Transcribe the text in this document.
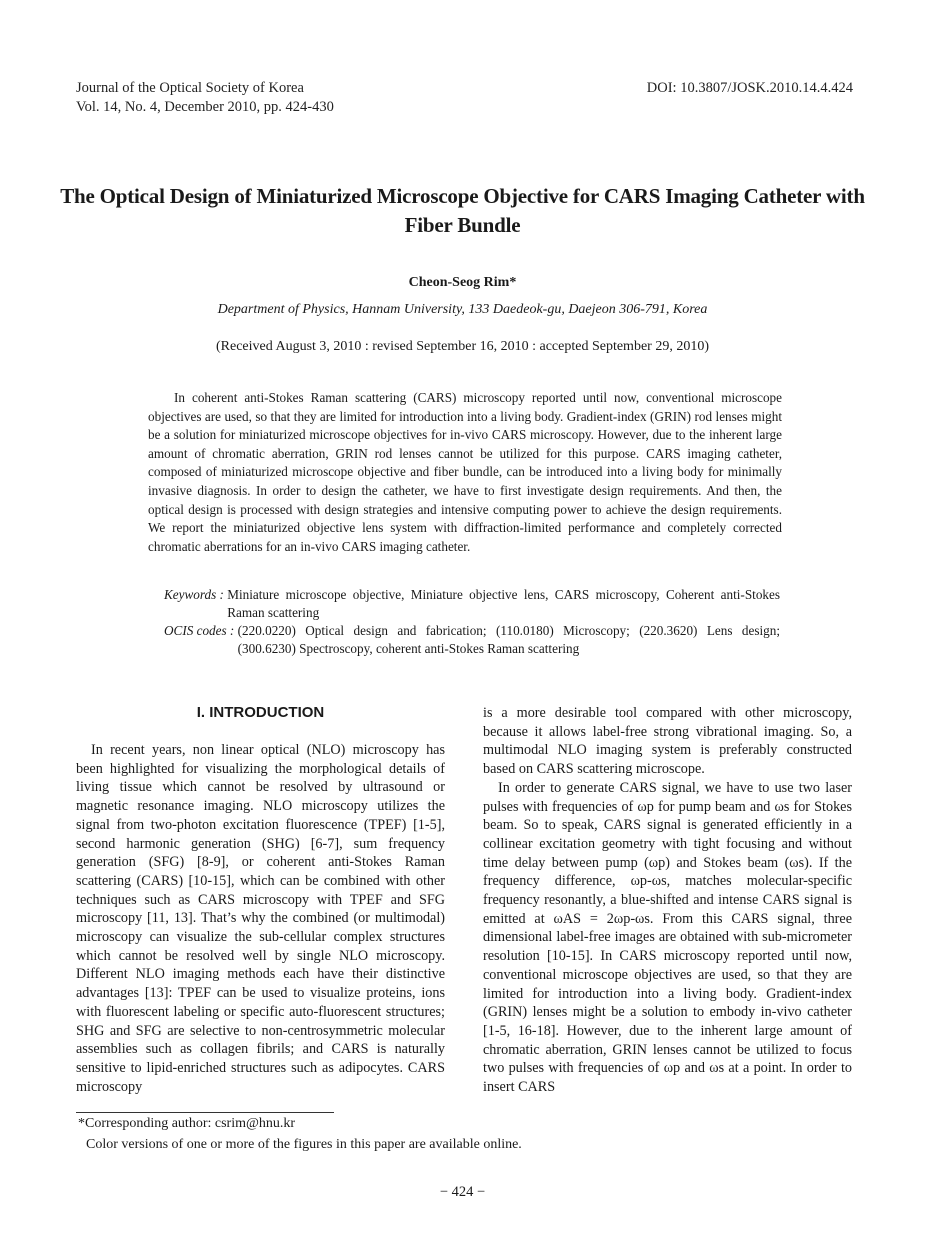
Journal of the Optical Society of Korea
Vol. 14, No. 4, December 2010, pp. 424-430
DOI: 10.3807/JOSK.2010.14.4.424
The Optical Design of Miniaturized Microscope Objective for CARS Imaging Catheter with Fiber Bundle
Cheon-Seog Rim*
Department of Physics, Hannam University, 133 Daedeok-gu, Daejeon 306-791, Korea
(Received August 3, 2010 : revised September 16, 2010 : accepted September 29, 2010)
In coherent anti-Stokes Raman scattering (CARS) microscopy reported until now, conventional microscope objectives are used, so that they are limited for introduction into a living body. Gradient-index (GRIN) rod lenses might be a solution for miniaturized microscope objectives for in-vivo CARS microscopy. However, due to the inherent large amount of chromatic aberration, GRIN rod lenses cannot be utilized for this purpose. CARS imaging catheter, composed of miniaturized microscope objective and fiber bundle, can be introduced into a living body for minimally invasive diagnosis. In order to design the catheter, we have to first investigate design requirements. And then, the optical design is processed with design strategies and intensive computing power to achieve the design requirements. We report the miniaturized objective lens system with diffraction-limited performance and completely corrected chromatic aberrations for an in-vivo CARS imaging catheter.
Keywords :
Miniature microscope objective, Miniature objective lens, CARS microscopy, Coherent anti-Stokes Raman scattering
OCIS codes :
(220.0220) Optical design and fabrication; (110.0180) Microscopy; (220.3620) Lens design; (300.6230) Spectroscopy, coherent anti-Stokes Raman scattering
I. INTRODUCTION

In recent years, non linear optical (NLO) microscopy has been highlighted for visualizing the morphological details of living tissue which cannot be resolved by ultrasound or magnetic resonance imaging. NLO microscopy utilizes the signal from two-photon excitation fluorescence (TPEF) [1-5], second harmonic generation (SHG) [6-7], sum frequency generation (SFG) [8-9], or coherent anti-Stokes Raman scattering (CARS) [10-15], which can be combined with other techniques such as CARS microscopy with TPEF and SFG microscopy [11, 13]. That’s why the combined (or multimodal) microscopy can visualize the sub-cellular complex structures which cannot be resolved well by single NLO microscopy. Different NLO imaging methods each have their distinctive advantages [13]: TPEF can be used to visualize proteins, ions with fluorescent labeling or specific auto-fluorescent structures; SHG and SFG are selective to non-centrosymmetric molecular assemblies such as collagen fibrils; and CARS is naturally sensitive to lipid-enriched structures such as adipocytes. CARS microscopy

is a more desirable tool compared with other microscopy, because it allows label-free strong vibrational imaging. So, a multimodal NLO imaging system is preferably constructed based on CARS scattering microscope.

In order to generate CARS signal, we have to use two laser pulses with frequencies of ωp for pump beam and ωs for Stokes beam. So to speak, CARS signal is generated efficiently in a collinear excitation geometry with tight focusing and without time delay between pump (ωp) and Stokes beam (ωs). If the frequency difference, ωp-ωs, matches molecular-specific frequency resonantly, a blue-shifted and intense CARS signal is emitted at ωAS = 2ωp-ωs. From this CARS signal, three dimensional label-free images are obtained with sub-micrometer resolution [10-15]. In CARS microscopy reported until now, conventional microscope objectives are used, so that they are limited for introduction into a living body. Gradient-index (GRIN) lenses might be a solution to embody in-vivo catheter [1-5, 16-18]. However, due to the inherent large amount of chromatic aberration, GRIN lenses cannot be utilized to focus two pulses with frequencies of ωp and ωs at a point. In order to insert CARS

*Corresponding author: csrim@hnu.kr
Color versions of one or more of the figures in this paper are available online.
− 424 −
